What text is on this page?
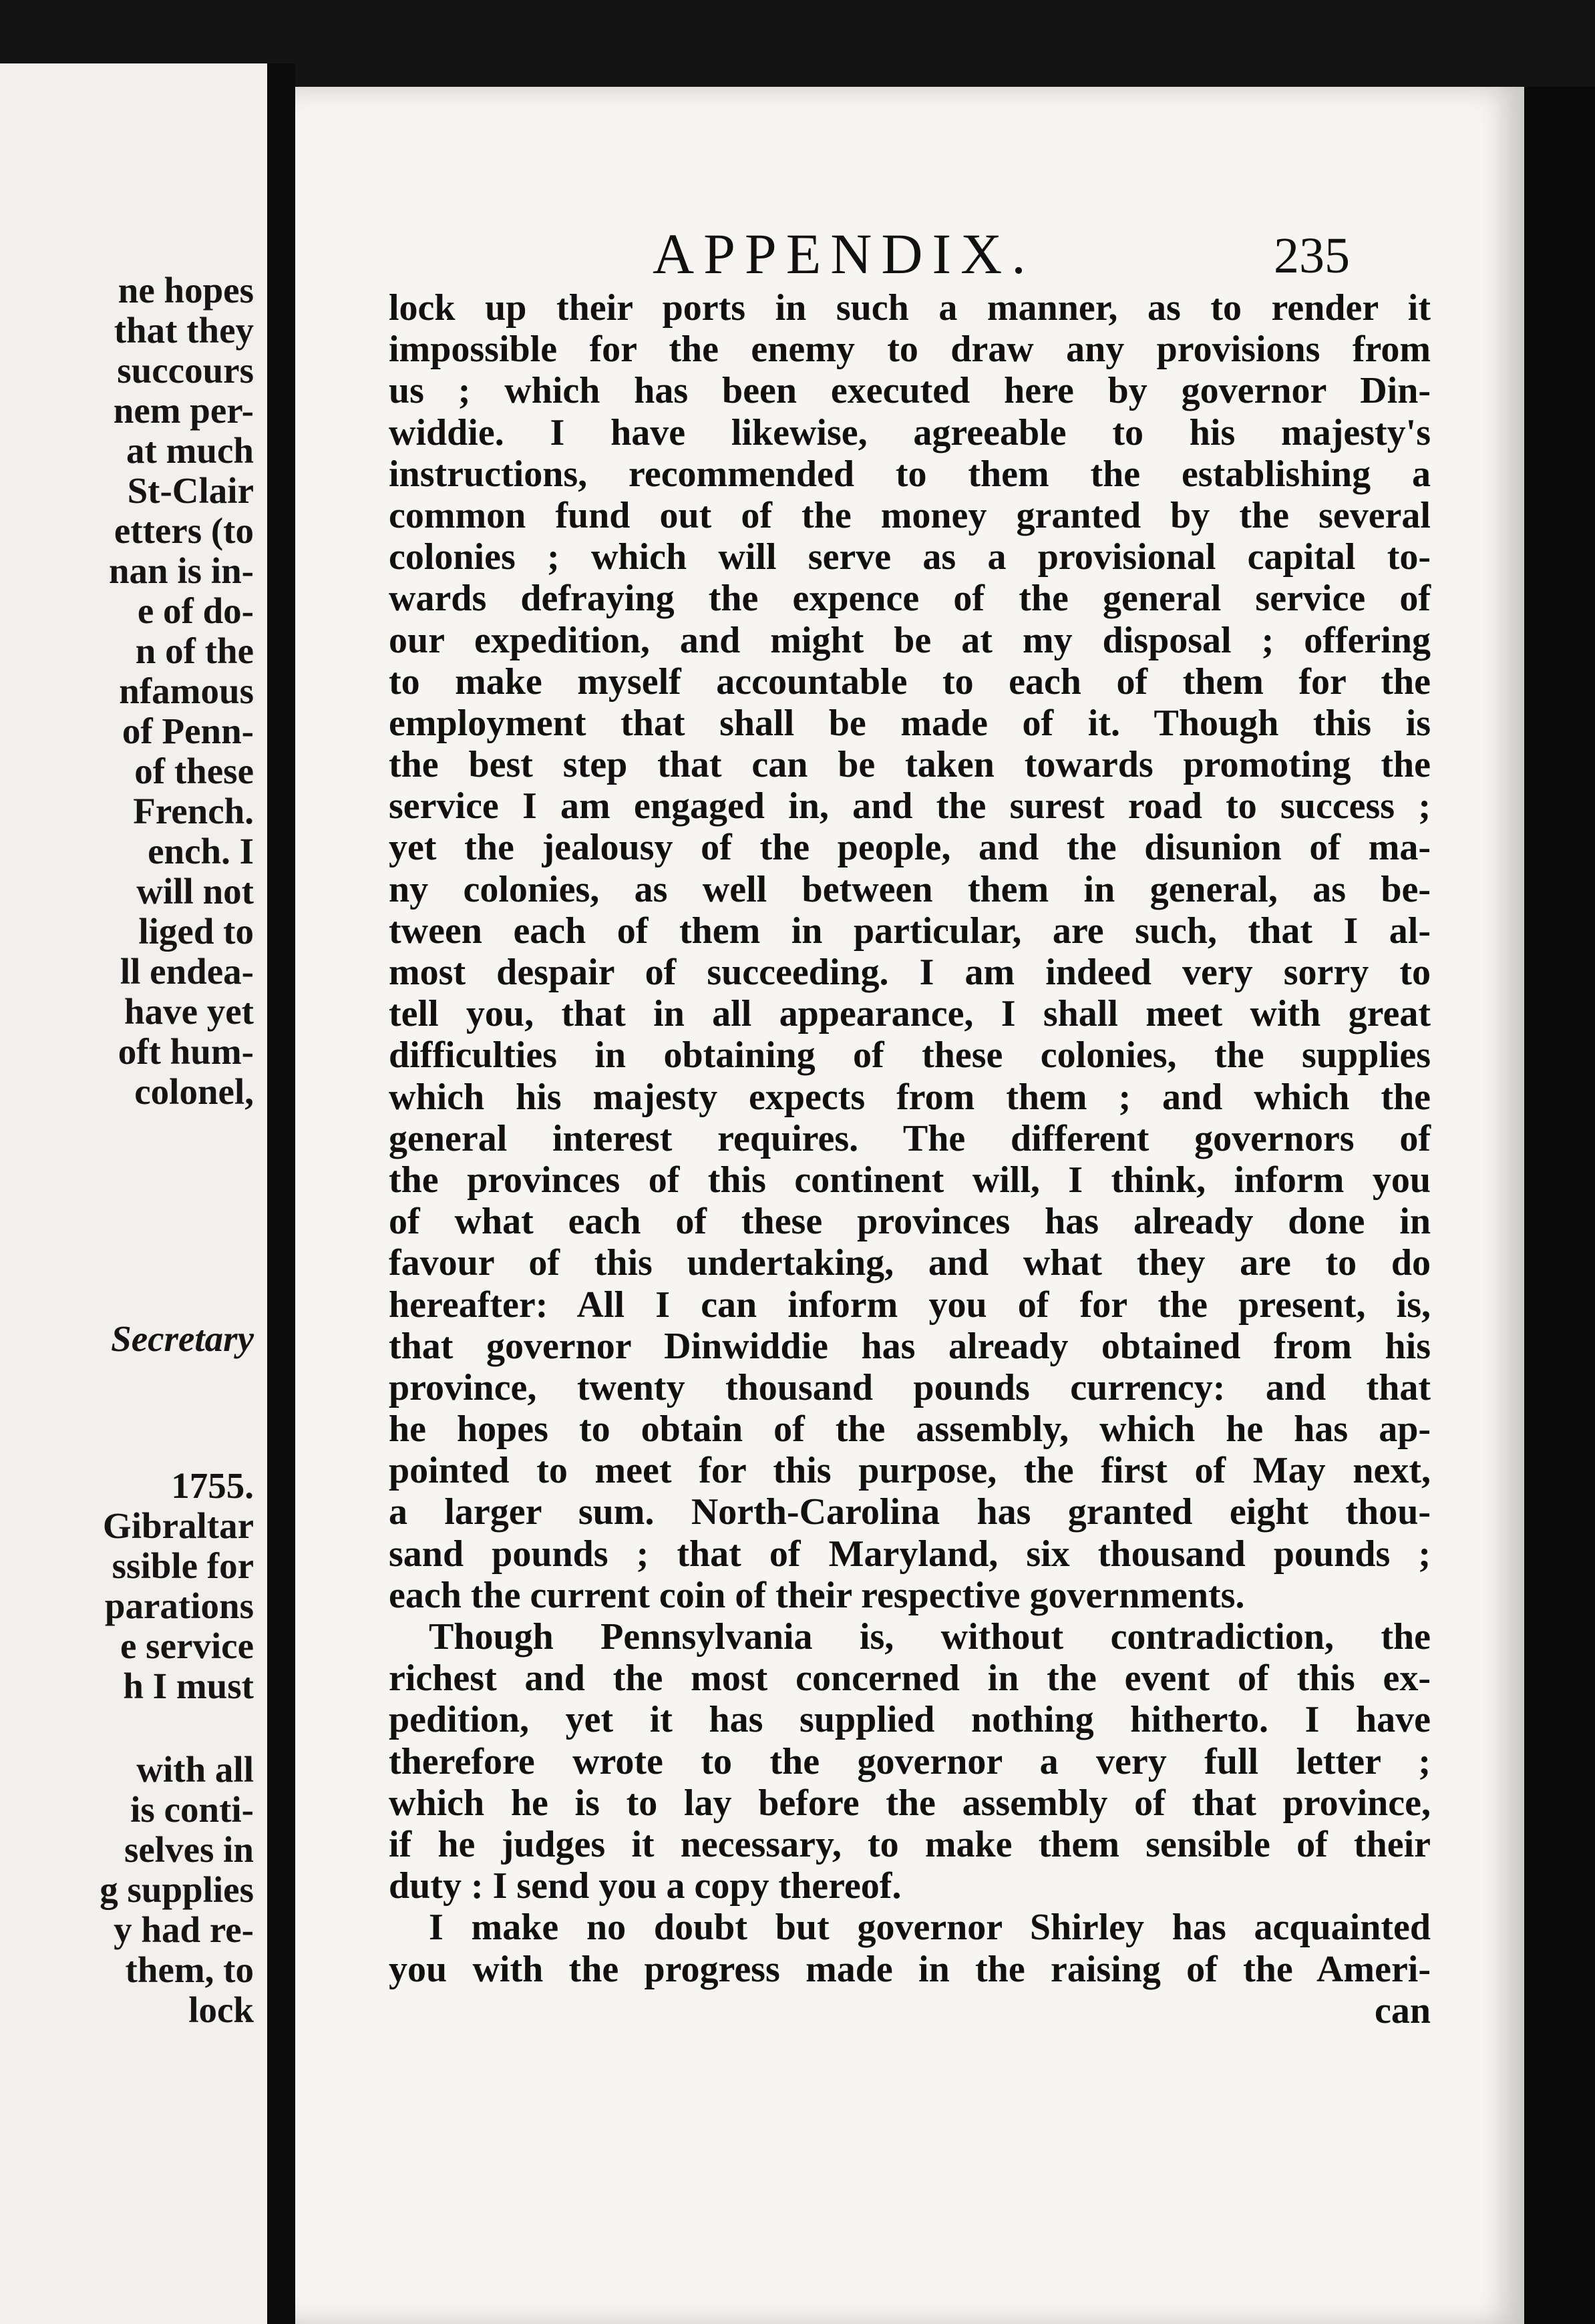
ne hopes
that they
succours
nem per-
at much
St-Clair
etters (to
nan is in-
e of do-
n of the
nfamous
of Penn-
of these
French.
ench. I
will not
liged to
ll endea-
have yet
oft hum-
colonel,
Secretary
1755.
Gibraltar
ssible for
parations
e service
h I must
with all
is conti-
selves in
g supplies
y had re-
them, to
lock
APPENDIX.	235
lock up their ports in such a manner, as to render it
impossible for the enemy to draw any provisions from
us ; which has been executed here by governor Din-
widdie. I have likewise, agreeable to his majesty's
instructions, recommended to them the establishing a
common fund out of the money granted by the several
colonies ; which will serve as a provisional capital to-
wards defraying the expence of the general service of
our expedition, and might be at my disposal ; offering
to make myself accountable to each of them for the
employment that shall be made of it. Though this is
the best step that can be taken towards promoting the
service I am engaged in, and the surest road to success ;
yet the jealousy of the people, and the disunion of ma-
ny colonies, as well between them in general, as be-
tween each of them in particular, are such, that I al-
most despair of succeeding. I am indeed very sorry to
tell you, that in all appearance, I shall meet with great
difficulties in obtaining of these colonies, the supplies
which his majesty expects from them ; and which the
general interest requires. The different governors of
the provinces of this continent will, I think, inform you
of what each of these provinces has already done in
favour of this undertaking, and what they are to do
hereafter: All I can inform you of for the present, is,
that governor Dinwiddie has already obtained from his
province, twenty thousand pounds currency: and that
he hopes to obtain of the assembly, which he has ap-
pointed to meet for this purpose, the first of May next,
a larger sum. North-Carolina has granted eight thou-
sand pounds ; that of Maryland, six thousand pounds ;
each the current coin of their respective governments.
Though Pennsylvania is, without contradiction, the
richest and the most concerned in the event of this ex-
pedition, yet it has supplied nothing hitherto. I have
therefore wrote to the governor a very full letter ;
which he is to lay before the assembly of that province,
if he judges it necessary, to make them sensible of their
duty : I send you a copy thereof.
I make no doubt but governor Shirley has acquainted
you with the progress made in the raising of the Ameri-
can
